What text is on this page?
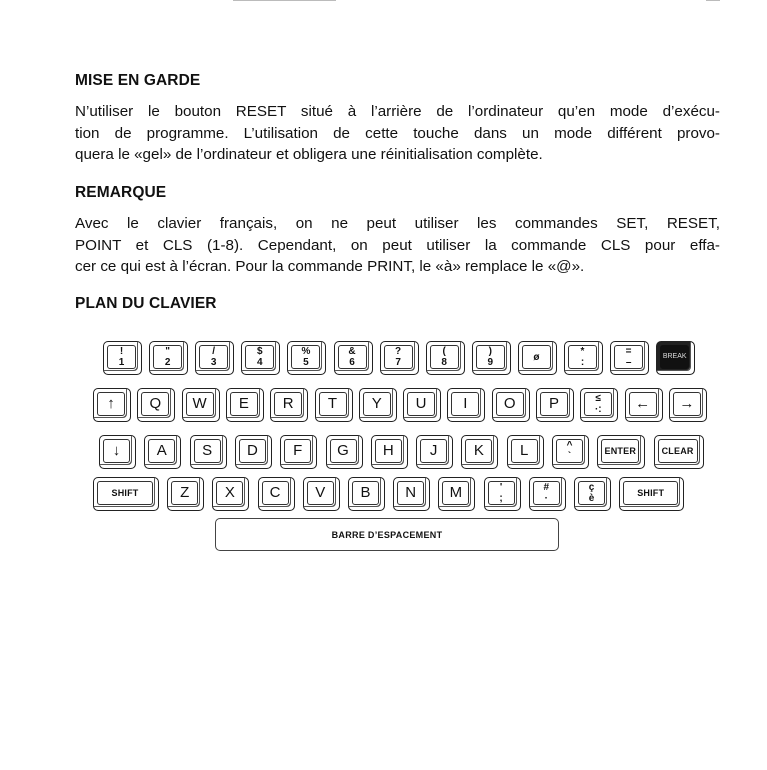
MISE EN GARDE
N’utiliser le bouton RESET situé à l’arrière de l’ordinateur qu’en mode d’exécu-
tion de programme. L’utilisation de cette touche dans un mode différent provo-
quera le «gel» de l’ordinateur et obligera une réinitialisation complète.
REMARQUE
Avec le clavier français, on ne peut utiliser les commandes SET, RESET,
POINT et CLS (1-8). Cependant, on peut utiliser la commande CLS pour effa-
cer ce qui est à l’écran. Pour la commande PRINT, le «à» remplace le «@».
PLAN DU CLAVIER
!
1
"
2
/
3
$
4
%
5
&
6
?
7
(
8
)
9	ø	*
:
=
–
BREAK
↑ Q W E R T Y U I O P	≤
·: ← →
↓ A S D F G H J K L	^
`	ENTER	CLEAR
SHIFT	Z X C V B N M	'
;
#
·
ç
è	SHIFT
BARRE D’ESPACEMENT
